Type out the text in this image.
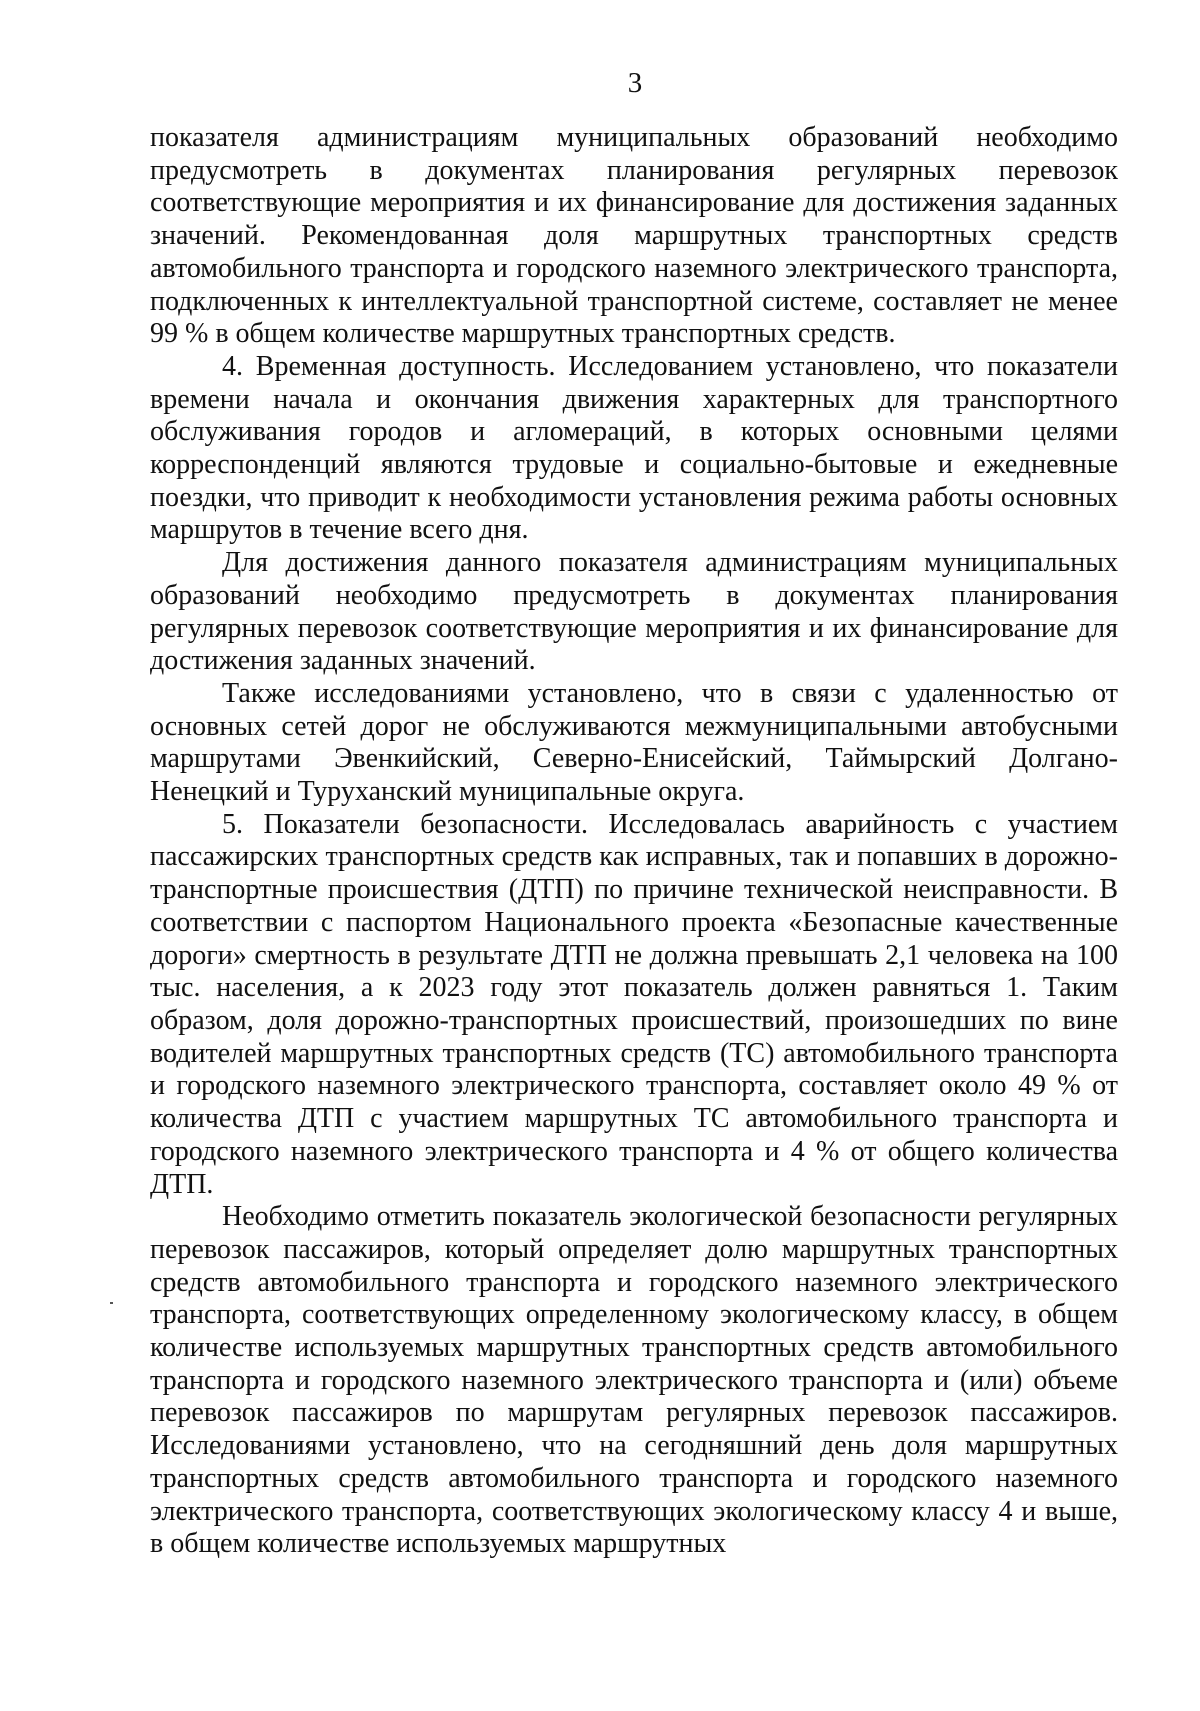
3

показателя администрациям муниципальных образований необходимо предусмотреть в документах планирования регулярных перевозок соответствующие мероприятия и их финансирование для достижения заданных значений. Рекомендованная доля маршрутных транспортных средств автомобильного транспорта и городского наземного электрического транспорта, подключенных к интеллектуальной транспортной системе, составляет не менее 99 % в общем количестве маршрутных транспортных средств.

4. Временная доступность. Исследованием установлено, что показатели времени начала и окончания движения характерных для транспортного обслуживания городов и агломераций, в которых основными целями корреспонденций являются трудовые и социально-бытовые и ежедневные поездки, что приводит к необходимости установления режима работы основных маршрутов в течение всего дня.

Для достижения данного показателя администрациям муниципальных образований необходимо предусмотреть в документах планирования регулярных перевозок соответствующие мероприятия и их финансирование для достижения заданных значений.

Также исследованиями установлено, что в связи с удаленностью от основных сетей дорог не обслуживаются межмуниципальными автобусными маршрутами Эвенкийский, Северно-Енисейский, Таймырский Долгано-Ненецкий и Туруханский муниципальные округа.

5. Показатели безопасности. Исследовалась аварийность с участием пассажирских транспортных средств как исправных, так и попавших в дорожно-транспортные происшествия (ДТП) по причине технической неисправности. В соответствии с паспортом Национального проекта «Безопасные качественные дороги» смертность в результате ДТП не должна превышать 2,1 человека на 100 тыс. населения, а к 2023 году этот показатель должен равняться 1. Таким образом, доля дорожно-транспортных происшествий, произошедших по вине водителей маршрутных транспортных средств (ТС) автомобильного транспорта и городского наземного электрического транспорта, составляет около 49 % от количества ДТП с участием маршрутных ТС автомобильного транспорта и городского наземного электрического транспорта и 4 % от общего количества ДТП.

Необходимо отметить показатель экологической безопасности регулярных перевозок пассажиров, который определяет долю маршрутных транспортных средств автомобильного транспорта и городского наземного электрического транспорта, соответствующих определенному экологическому классу, в общем количестве используемых маршрутных транспортных средств автомобильного транспорта и городского наземного электрического транспорта и (или) объеме перевозок пассажиров по маршрутам регулярных перевозок пассажиров. Исследованиями установлено, что на сегодняшний день доля маршрутных транспортных средств автомобильного транспорта и городского наземного электрического транспорта, соответствующих экологическому классу 4 и выше, в общем количестве используемых маршрутных
